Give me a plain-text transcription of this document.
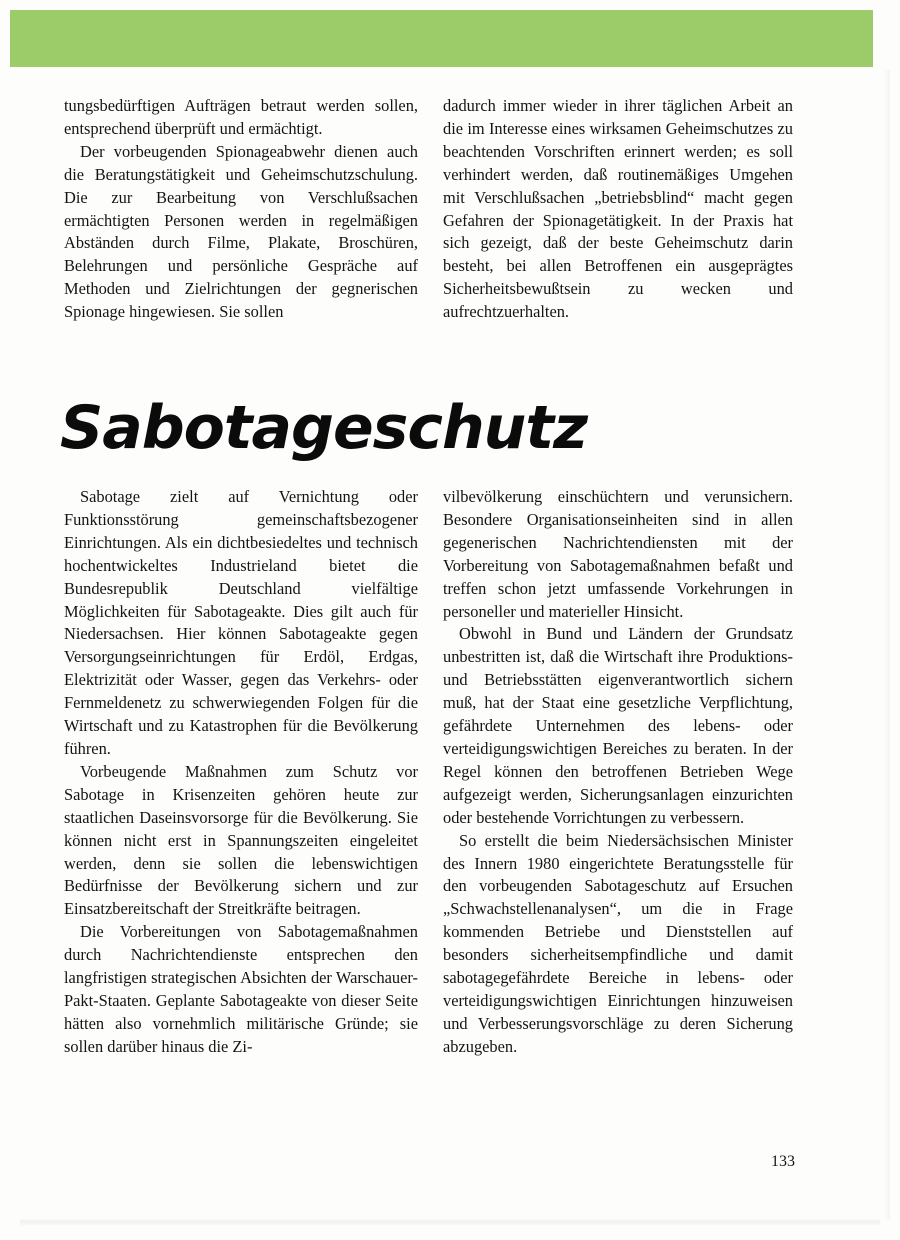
tungsbedürftigen Aufträgen betraut werden sollen, entsprechend überprüft und ermächtigt.

Der vorbeugenden Spionageabwehr dienen auch die Beratungstätigkeit und Geheimschutzschulung. Die zur Bearbeitung von Verschlußsachen ermächtigten Personen werden in regelmäßigen Abständen durch Filme, Plakate, Broschüren, Belehrungen und persönliche Gespräche auf Methoden und Zielrichtungen der gegnerischen Spionage hingewiesen. Sie sollen

dadurch immer wieder in ihrer täglichen Arbeit an die im Interesse eines wirksamen Geheimschutzes zu beachtenden Vorschriften erinnert werden; es soll verhindert werden, daß routinemäßiges Umgehen mit Verschlußsachen „betriebsblind“ macht gegen Gefahren der Spionagetätigkeit. In der Praxis hat sich gezeigt, daß der beste Geheimschutz darin besteht, bei allen Betroffenen ein ausgeprägtes Sicherheitsbewußtsein zu wecken und aufrechtzuerhalten.

Sabotageschutz

Sabotage zielt auf Vernichtung oder Funktionsstörung gemeinschaftsbezogener Einrichtungen. Als ein dichtbesiedeltes und technisch hochentwickeltes Industrieland bietet die Bundesrepublik Deutschland vielfältige Möglichkeiten für Sabotageakte. Dies gilt auch für Niedersachsen. Hier können Sabotageakte gegen Versorgungseinrichtungen für Erdöl, Erdgas, Elektrizität oder Wasser, gegen das Verkehrs- oder Fernmeldenetz zu schwerwiegenden Folgen für die Wirtschaft und zu Katastrophen für die Bevölkerung führen.

Vorbeugende Maßnahmen zum Schutz vor Sabotage in Krisenzeiten gehören heute zur staatlichen Daseinsvorsorge für die Bevölkerung. Sie können nicht erst in Spannungszeiten eingeleitet werden, denn sie sollen die lebenswichtigen Bedürfnisse der Bevölkerung sichern und zur Einsatzbereitschaft der Streitkräfte beitragen.

Die Vorbereitungen von Sabotagemaßnahmen durch Nachrichtendienste entsprechen den langfristigen strategischen Absichten der Warschauer-Pakt-Staaten. Geplante Sabotageakte von dieser Seite hätten also vornehmlich militärische Gründe; sie sollen darüber hinaus die Zi-

vilbevölkerung einschüchtern und verunsichern. Besondere Organisationseinheiten sind in allen gegenerischen Nachrichtendiensten mit der Vorbereitung von Sabotagemaßnahmen befaßt und treffen schon jetzt umfassende Vorkehrungen in personeller und materieller Hinsicht.

Obwohl in Bund und Ländern der Grundsatz unbestritten ist, daß die Wirtschaft ihre Produktions- und Betriebsstätten eigenverantwortlich sichern muß, hat der Staat eine gesetzliche Verpflichtung, gefährdete Unternehmen des lebens- oder verteidigungswichtigen Bereiches zu beraten. In der Regel können den betroffenen Betrieben Wege aufgezeigt werden, Sicherungsanlagen einzurichten oder bestehende Vorrichtungen zu verbessern.

So erstellt die beim Niedersächsischen Minister des Innern 1980 eingerichtete Beratungsstelle für den vorbeugenden Sabotageschutz auf Ersuchen „Schwachstellenanalysen“, um die in Frage kommenden Betriebe und Dienststellen auf besonders sicherheitsempfindliche und damit sabotagegefährdete Bereiche in lebens- oder verteidigungswichtigen Einrichtungen hinzuweisen und Verbesserungsvorschläge zu deren Sicherung abzugeben.

133
